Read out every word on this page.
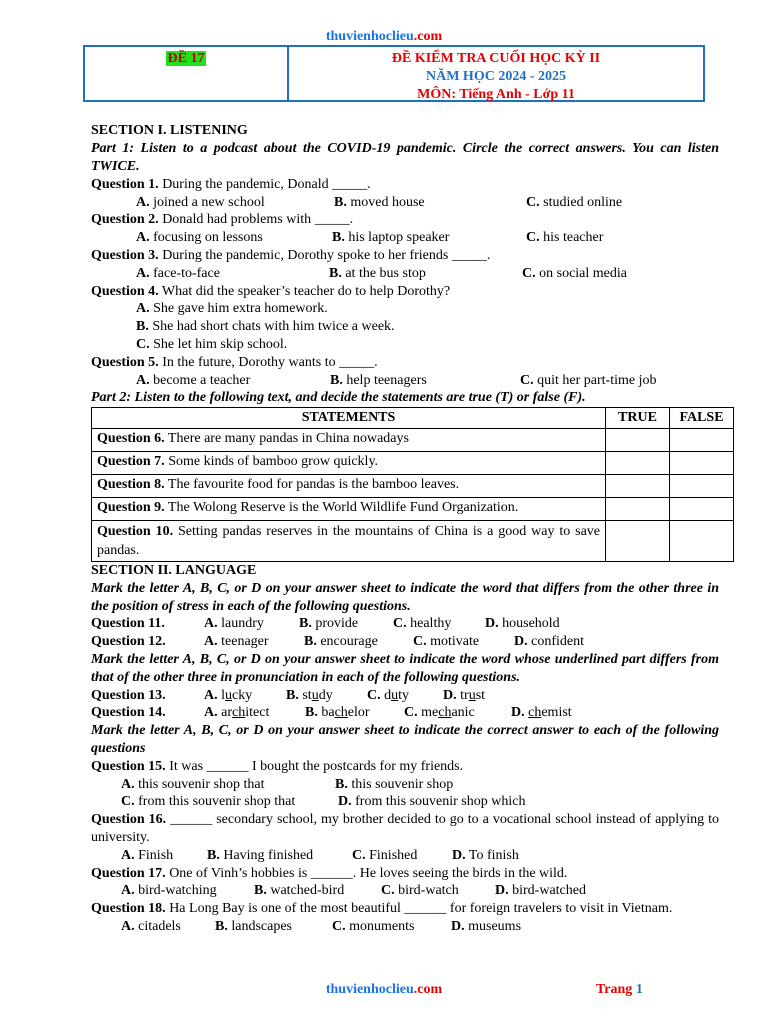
thuvienhoclieu.com
ĐỀ 17	ĐỀ KIỂM TRA CUỐI HỌC KỲ II
NĂM HỌC 2024 - 2025
MÔN: Tiếng Anh - Lớp 11
SECTION I. LISTENING
Part 1: Listen to a podcast about the COVID-19 pandemic. Circle the correct answers. You can listen TWICE.
Question 1. During the pandemic, Donald _____.
A. joined a new school	B. moved house	C. studied online
Question 2. Donald had problems with _____.
A. focusing on lessons	B. his laptop speaker	C. his teacher
Question 3. During the pandemic, Dorothy spoke to her friends _____.
A. face-to-face	B. at the bus stop	C. on social media
Question 4. What did the speaker’s teacher do to help Dorothy?
A. She gave him extra homework.
B. She had short chats with him twice a week.
C. She let him skip school.
Question 5. In the future, Dorothy wants to _____.
A. become a teacher	B. help teenagers	C. quit her part-time job
Part 2: Listen to the following text, and decide the statements are true (T) or false (F).
STATEMENTS	TRUE	FALSE
Question 6. There are many pandas in China nowadays		
Question 7. Some kinds of bamboo grow quickly.		
Question 8. The favourite food for pandas is the bamboo leaves.		
Question 9. The Wolong Reserve is the World Wildlife Fund Organization.		
Question 10. Setting pandas reserves in the mountains of China is a good way to save pandas.		
SECTION II. LANGUAGE
Mark the letter A, B, C, or D on your answer sheet to indicate the word that differs from the other three in the position of stress in each of the following questions.
Question 11.	A. laundry	B. provide C. healthy D. household
Question 12.	A. teenager	B. encourage	C. motivate D. confident
Mark the letter A, B, C, or D on your answer sheet to indicate the word whose underlined part differs from that of the other three in pronunciation in each of the following questions.
Question 13.	A. lucky B. study C. duty D. trust
Question 14.	A. architect	B. bachelor C. mechanic	D. chemist
Mark the letter A, B, C, or D on your answer sheet to indicate the correct answer to each of the following questions
Question 15. It was ______ I bought the postcards for my friends.
A. this souvenir shop that	B. this souvenir shop
C. from this souvenir shop that	D. from this souvenir shop which
Question 16. ______ secondary school, my brother decided to go to a vocational school instead of applying to university.
A. Finish B. Having finished	C. Finished D. To finish
Question 17. One of Vinh’s hobbies is ______. He loves seeing the birds in the wild.
A. bird-watching	B. watched-bird	C. bird-watch	D. bird-watched
Question 18. Ha Long Bay is one of the most beautiful ______ for foreign travelers to visit in Vietnam.
A. citadels B. landscapes	C. monuments	D. museums
thuvienhoclieu.com	Trang 1
